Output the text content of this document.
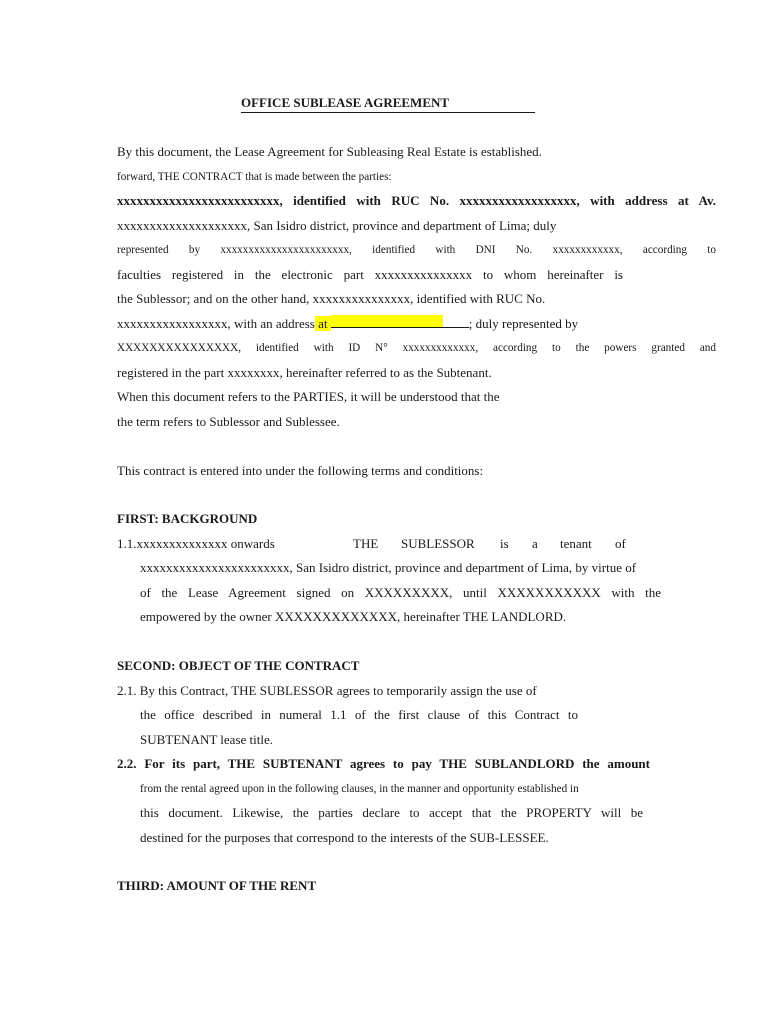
OFFICE SUBLEASE AGREEMENT
By this document, the Lease Agreement for Subleasing Real Estate is established.
forward, THE CONTRACT that is made between the parties:
xxxxxxxxxxxxxxxxxxxxxxxxx, identified with RUC No. xxxxxxxxxxxxxxxxxx, with address at Av.
xxxxxxxxxxxxxxxxxxxx, San Isidro district, province and department of Lima; duly
represented by xxxxxxxxxxxxxxxxxxxxxxx, identified with DNI No. xxxxxxxxxxxx, according to
faculties registered in the electronic part xxxxxxxxxxxxxxx to whom hereinafter is
the Sublessor; and on the other hand, xxxxxxxxxxxxxxx, identified with RUC No.
xxxxxxxxxxxxxxxxx, with an address at	; duly represented by
XXXXXXXXXXXXXXX, identified with ID N° xxxxxxxxxxxxx, according to the powers granted and
registered in the part xxxxxxxx, hereinafter referred to as the Subtenant.
When this document refers to the PARTIES, it will be understood that the
the term refers to Sublessor and Sublessee.
This contract is entered into under the following terms and conditions:
FIRST: BACKGROUND
1.1.xxxxxxxxxxxxxx onwards	THE SUBLESSOR is a tenant of
xxxxxxxxxxxxxxxxxxxxxxx, San Isidro district, province and department of Lima, by virtue of
of the Lease Agreement signed on XXXXXXXXX, until XXXXXXXXXXX with the
empowered by the owner XXXXXXXXXXXXX, hereinafter THE LANDLORD.
SECOND: OBJECT OF THE CONTRACT
2.1. By this Contract, THE SUBLESSOR agrees to temporarily assign the use of
the office described in numeral 1.1 of the first clause of this Contract to
SUBTENANT lease title.
2.2. For its part, THE SUBTENANT agrees to pay THE SUBLANDLORD the amount
from the rental agreed upon in the following clauses, in the manner and opportunity established in
this document. Likewise, the parties declare to accept that the PROPERTY will be
destined for the purposes that correspond to the interests of the SUB-LESSEE.
THIRD: AMOUNT OF THE RENT
